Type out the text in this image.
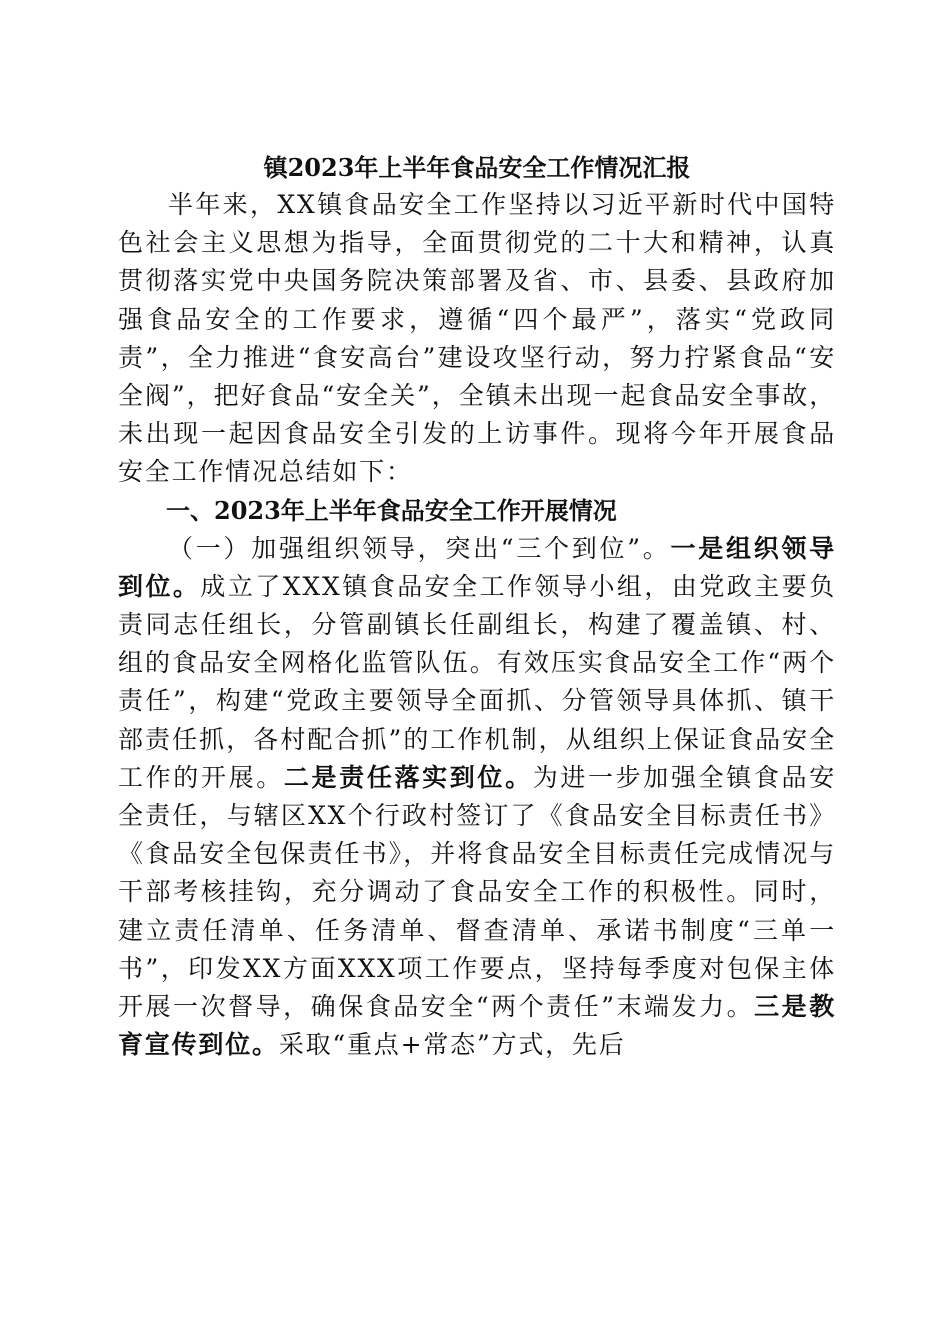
镇2023年上半年食品安全工作情况汇报

半年来，XX镇食品安全工作坚持以习近平新时代中国特色社会主义思想为指导，全面贯彻党的二十大和精神，认真贯彻落实党中央国务院决策部署及省、市、县委、县政府加强食品安全的工作要求，遵循“四个最严”，落实“党政同责”，全力推进“食安高台”建设攻坚行动，努力拧紧食品“安全阀”，把好食品“安全关”，全镇未出现一起食品安全事故，未出现一起因食品安全引发的上访事件。现将今年开展食品安全工作情况总结如下：

一、2023年上半年食品安全工作开展情况

（一）加强组织领导，突出“三个到位”。一是组织领导到位。成立了XXX镇食品安全工作领导小组，由党政主要负责同志任组长，分管副镇长任副组长，构建了覆盖镇、村、组的食品安全网格化监管队伍。有效压实食品安全工作“两个责任”，构建“党政主要领导全面抓、分管领导具体抓、镇干部责任抓，各村配合抓”的工作机制，从组织上保证食品安全工作的开展。二是责任落实到位。为进一步加强全镇食品安全责任，与辖区XX个行政村签订了《食品安全目标责任书》《食品安全包保责任书》，并将食品安全目标责任完成情况与干部考核挂钩，充分调动了食品安全工作的积极性。同时，建立责任清单、任务清单、督查清单、承诺书制度“三单一书”，印发XX方面XXX项工作要点，坚持每季度对包保主体开展一次督导，确保食品安全“两个责任”末端发力。三是教育宣传到位。采取“重点+常态”方式，先后
